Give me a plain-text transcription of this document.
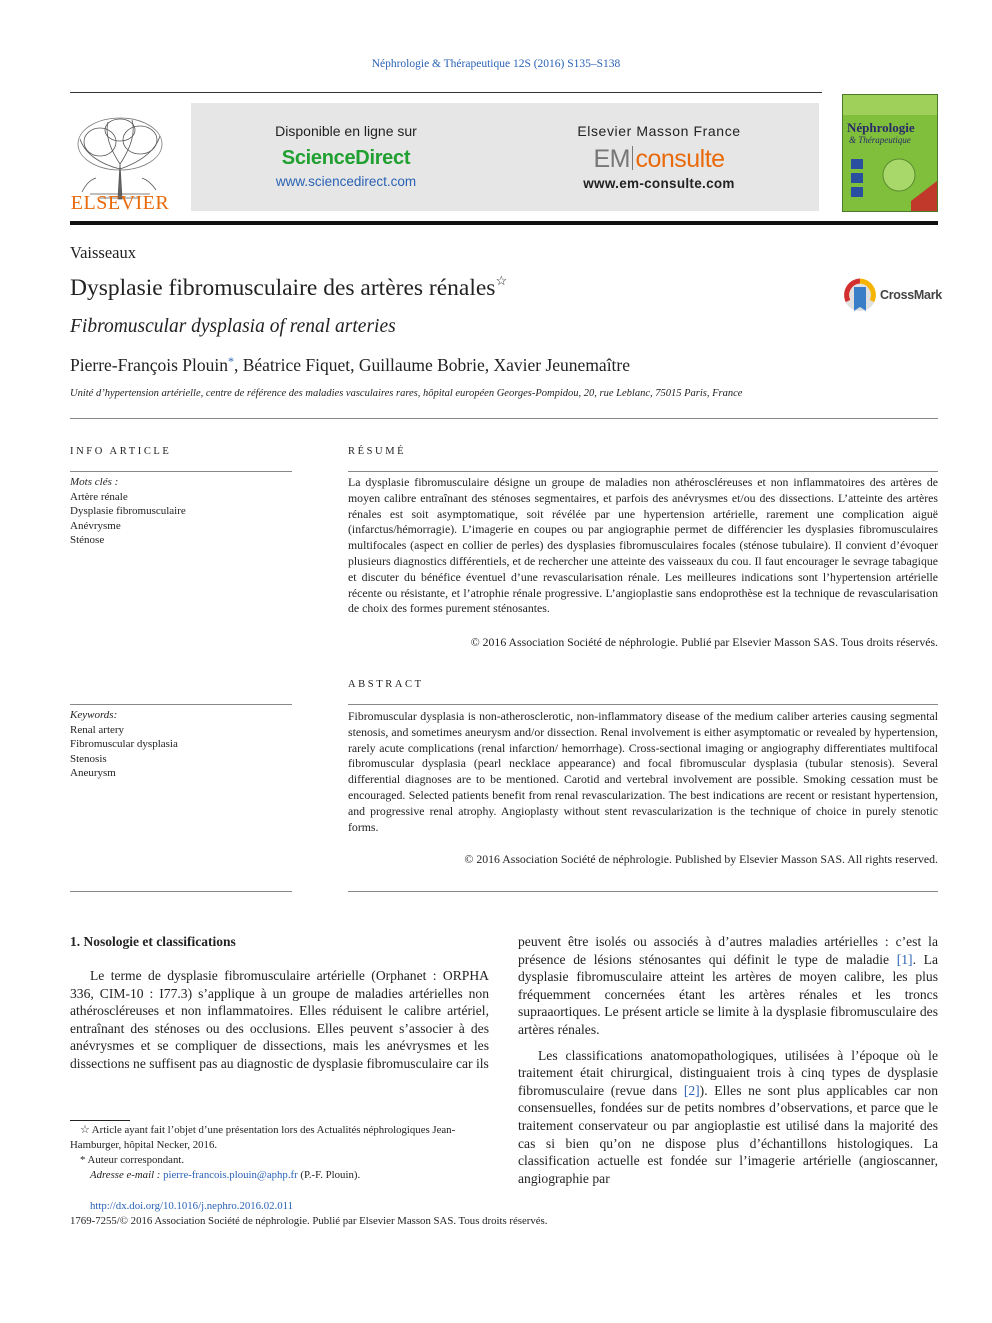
Néphrologie & Thérapeutique 12S (2016) S135–S138
ELSEVIER
Disponible en ligne sur
ScienceDirect
www.sciencedirect.com
Elsevier Masson France
EM consulte
www.em-consulte.com
Néphrologie
& Thérapeutique
Vaisseaux
Dysplasie fibromusculaire des artères rénales☆
CrossMark
Fibromuscular dysplasia of renal arteries
Pierre-François Plouin*, Béatrice Fiquet, Guillaume Bobrie, Xavier Jeunemaître
Unité d’hypertension artérielle, centre de référence des maladies vasculaires rares, hôpital européen Georges-Pompidou, 20, rue Leblanc, 75015 Paris, France
INFO ARTICLE
Mots clés :
Artère rénale
Dysplasie fibromusculaire
Anévrysme
Sténose
Keywords:
Renal artery
Fibromuscular dysplasia
Stenosis
Aneurysm
RÉSUMÉ
La dysplasie fibromusculaire désigne un groupe de maladies non athéroscléreuses et non inflammatoires des artères de moyen calibre entraînant des sténoses segmentaires, et parfois des anévrysmes et/ou des dissections. L’atteinte des artères rénales est soit asymptomatique, soit révélée par une hypertension artérielle, rarement une complication aiguë (infarctus/hémorragie). L’imagerie en coupes ou par angiographie permet de différencier les dysplasies fibromusculaires multifocales (aspect en collier de perles) des dysplasies fibromusculaires focales (sténose tubulaire). Il convient d’évoquer plusieurs diagnostics différentiels, et de rechercher une atteinte des vaisseaux du cou. Il faut encourager le sevrage tabagique et discuter du bénéfice éventuel d’une revascularisation rénale. Les meilleures indications sont l’hypertension artérielle récente ou résistante, et l’atrophie rénale progressive. L’angioplastie sans endoprothèse est la technique de revascularisation de choix des formes purement sténosantes.
© 2016 Association Société de néphrologie. Publié par Elsevier Masson SAS. Tous droits réservés.
ABSTRACT
Fibromuscular dysplasia is non-atherosclerotic, non-inflammatory disease of the medium caliber arteries causing segmental stenosis, and sometimes aneurysm and/or dissection. Renal involvement is either asymptomatic or revealed by hypertension, rarely acute complications (renal infarction/ hemorrhage). Cross-sectional imaging or angiography differentiates multifocal fibromuscular dysplasia (pearl necklace appearance) and focal fibromuscular dysplasia (tubular stenosis). Several differential diagnoses are to be mentioned. Carotid and vertebral involvement are possible. Smoking cessation must be encouraged. Selected patients benefit from renal revascularization. The best indications are recent or resistant hypertension, and progressive renal atrophy. Angioplasty without stent revascularization is the technique of choice in purely stenotic forms.
© 2016 Association Société de néphrologie. Published by Elsevier Masson SAS. All rights reserved.
1. Nosologie et classifications

Le terme de dysplasie fibromusculaire artérielle (Orphanet : ORPHA 336, CIM-10 : I77.3) s’applique à un groupe de maladies artérielles non athéroscléreuses et non inflammatoires. Elles réduisent le calibre artériel, entraînant des sténoses ou des occlusions. Elles peuvent s’associer à des anévrysmes et se compliquer de dissections, mais les anévrysmes et les dissections ne suffisent pas au diagnostic de dysplasie fibromusculaire car ils

peuvent être isolés ou associés à d’autres maladies artérielles : c’est la présence de lésions sténosantes qui définit le type de maladie [1]. La dysplasie fibromusculaire atteint les artères de moyen calibre, les plus fréquemment concernées étant les artères rénales et les troncs supraaortiques. Le présent article se limite à la dysplasie fibromusculaire des artères rénales.

Les classifications anatomopathologiques, utilisées à l’époque où le traitement était chirurgical, distinguaient trois à cinq types de dysplasie fibromusculaire (revue dans [2]). Elles ne sont plus applicables car non consensuelles, fondées sur de petits nombres d’observations, et parce que le traitement conservateur ou par angioplastie est utilisé dans la majorité des cas si bien qu’on ne dispose plus d’échantillons histologiques. La classification actuelle est fondée sur l’imagerie artérielle (angioscanner, angiographie par

☆ Article ayant fait l’objet d’une présentation lors des Actualités néphrologiques Jean-Hamburger, hôpital Necker, 2016.
* Auteur correspondant.
Adresse e-mail : pierre-francois.plouin@aphp.fr (P.-F. Plouin).
http://dx.doi.org/10.1016/j.nephro.2016.02.011
1769-7255/© 2016 Association Société de néphrologie. Publié par Elsevier Masson SAS. Tous droits réservés.
